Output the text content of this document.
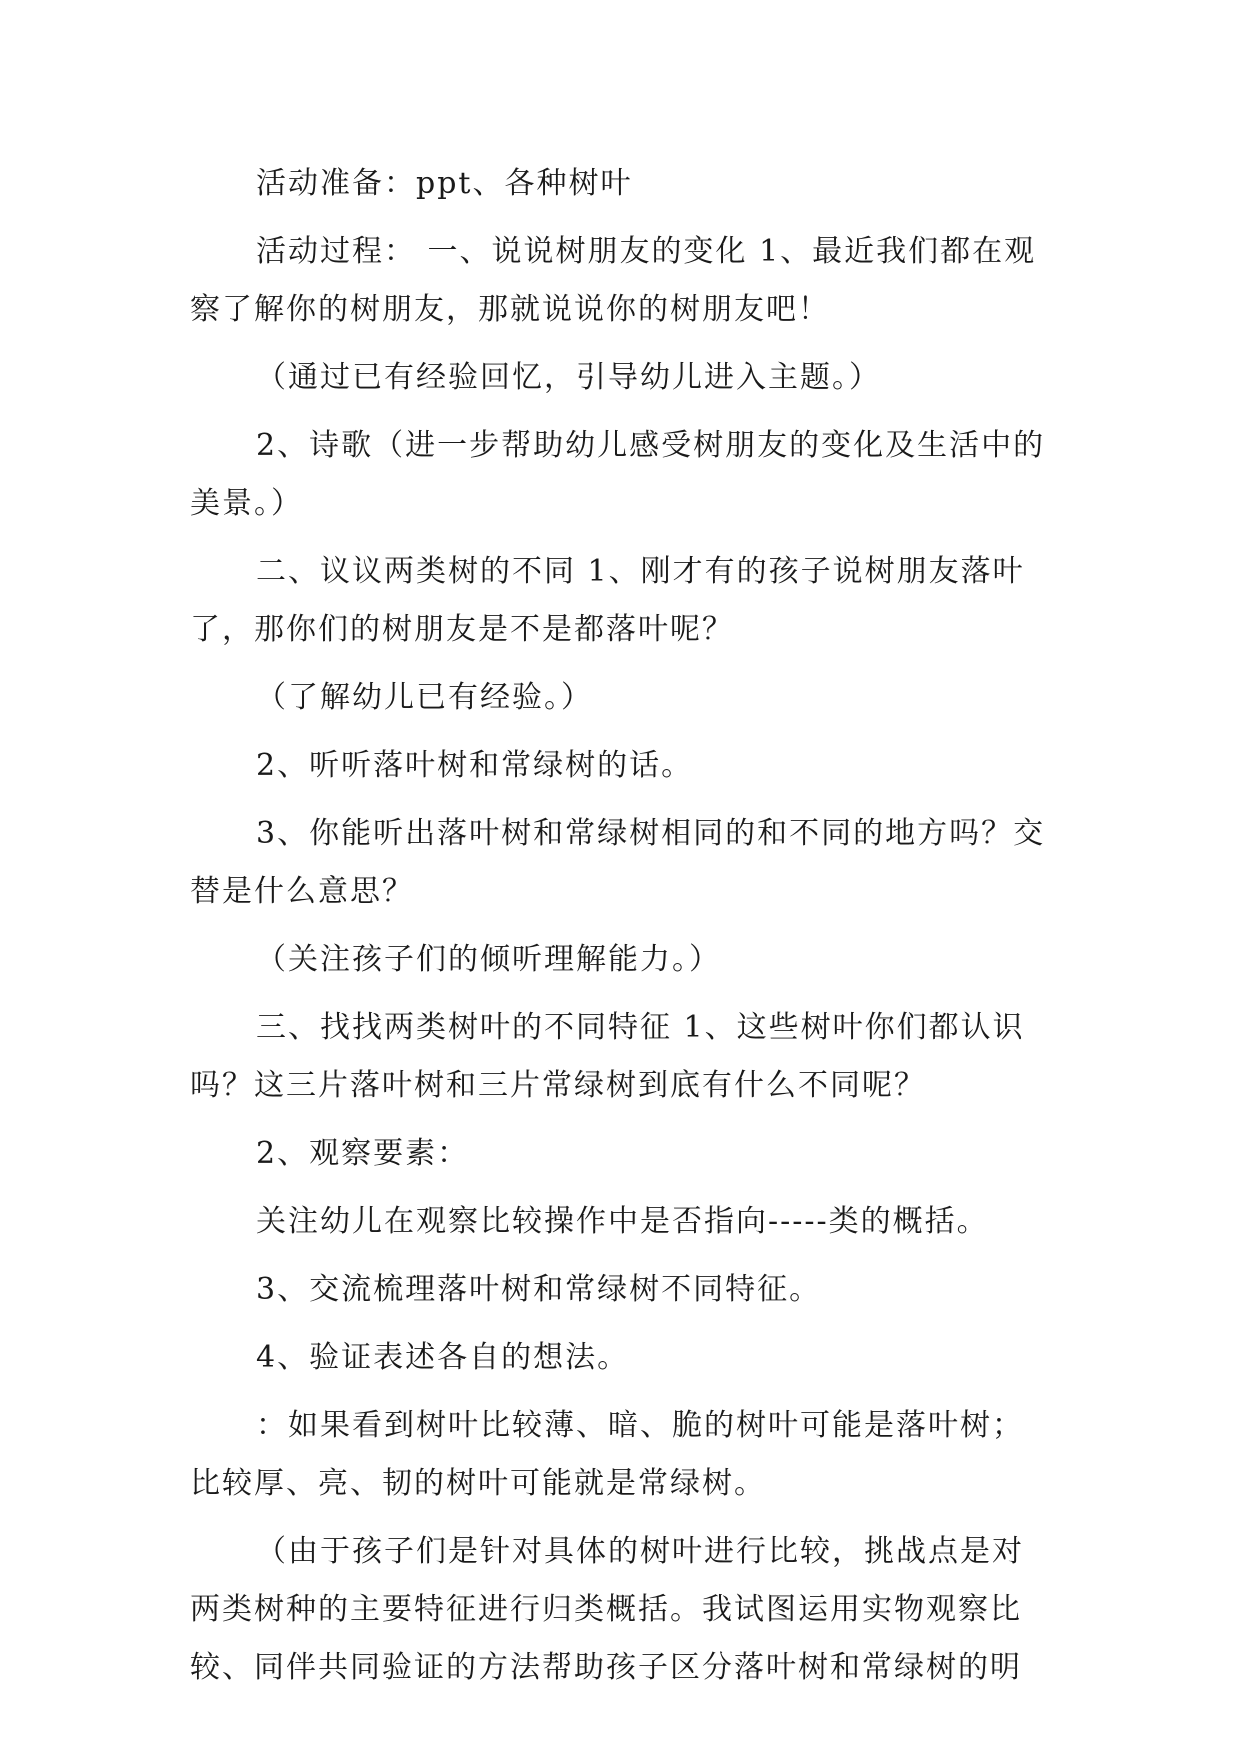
活动准备：ppt、各种树叶

活动过程： 一、说说树朋友的变化 1、最近我们都在观察了解你的树朋友，那就说说你的树朋友吧！

（通过已有经验回忆，引导幼儿进入主题。）

2、诗歌（进一步帮助幼儿感受树朋友的变化及生活中的美景。）

二、议议两类树的不同 1、刚才有的孩子说树朋友落叶了，那你们的树朋友是不是都落叶呢？

（了解幼儿已有经验。）

2、听听落叶树和常绿树的话。

3、你能听出落叶树和常绿树相同的和不同的地方吗？交替是什么意思？

（关注孩子们的倾听理解能力。）

三、找找两类树叶的不同特征 1、这些树叶你们都认识吗？这三片落叶树和三片常绿树到底有什么不同呢？

2、观察要素：

关注幼儿在观察比较操作中是否指向-----类的概括。

3、交流梳理落叶树和常绿树不同特征。

4、验证表述各自的想法。

：如果看到树叶比较薄、暗、脆的树叶可能是落叶树；比较厚、亮、韧的树叶可能就是常绿树。

（由于孩子们是针对具体的树叶进行比较，挑战点是对两类树种的主要特征进行归类概括。我试图运用实物观察比较、同伴共同验证的方法帮助孩子区分落叶树和常绿树的明
